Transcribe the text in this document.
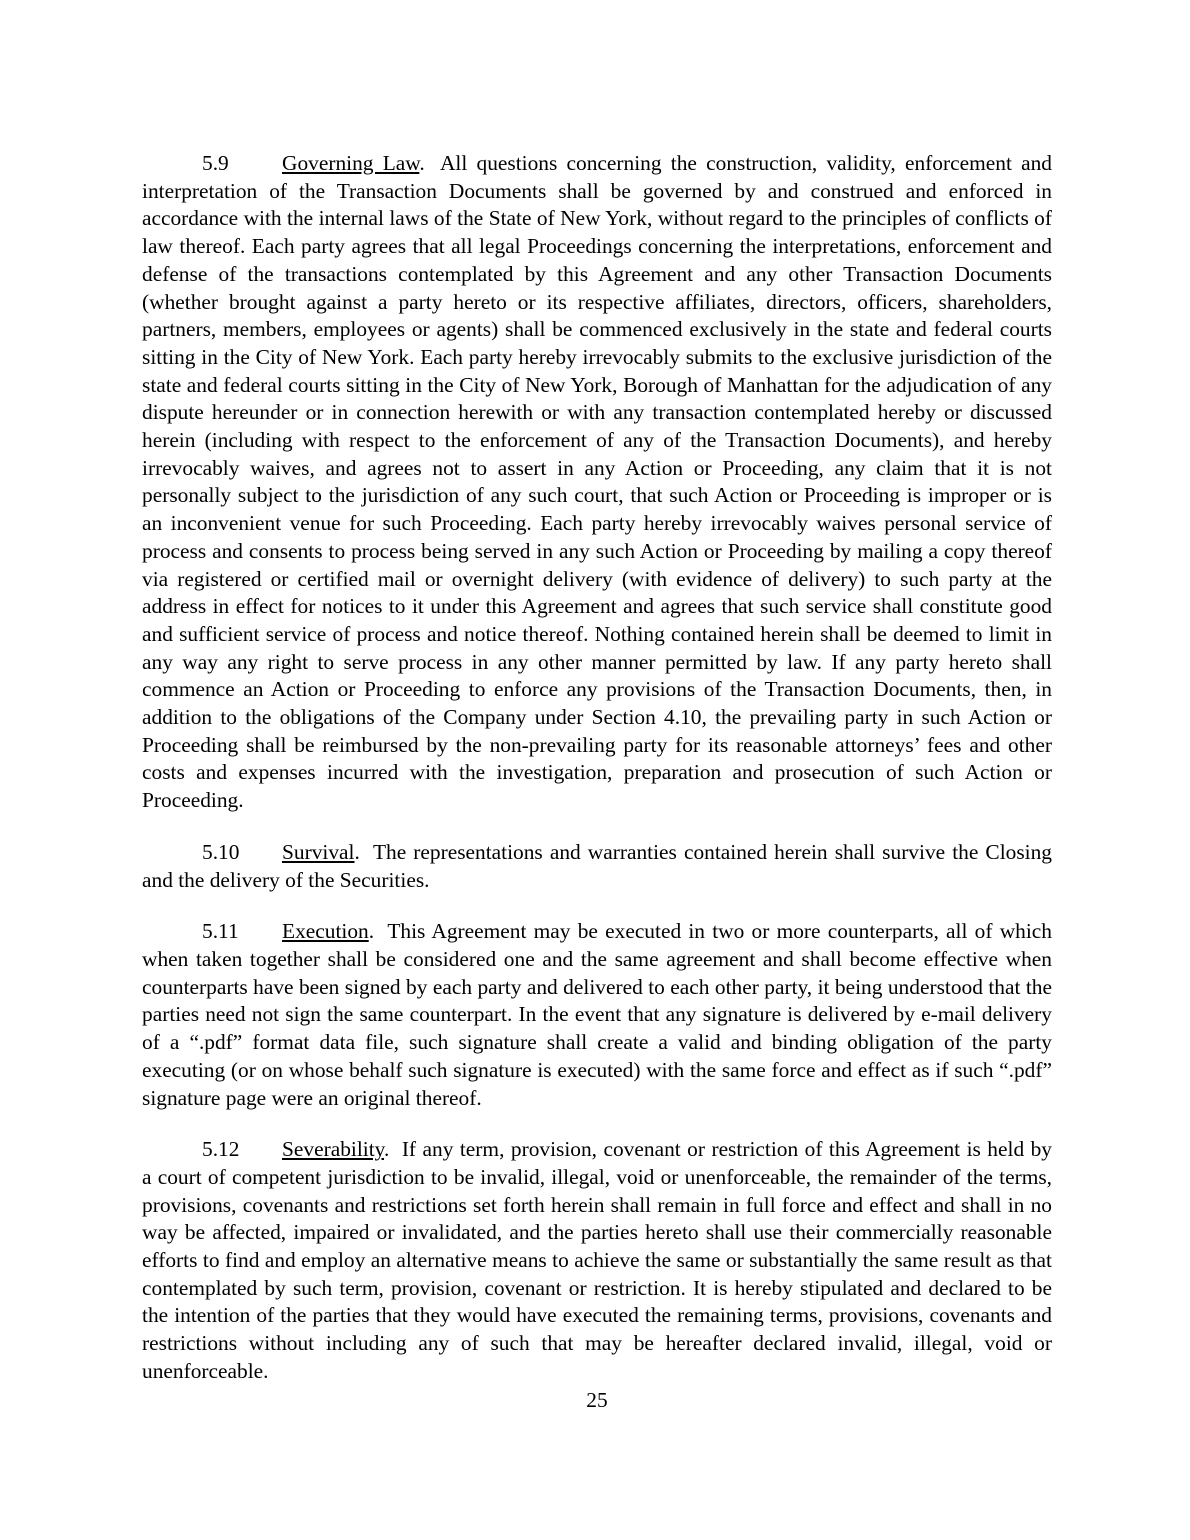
5.9 Governing Law. All questions concerning the construction, validity, enforcement and interpretation of the Transaction Documents shall be governed by and construed and enforced in accordance with the internal laws of the State of New York, without regard to the principles of conflicts of law thereof. Each party agrees that all legal Proceedings concerning the interpretations, enforcement and defense of the transactions contemplated by this Agreement and any other Transaction Documents (whether brought against a party hereto or its respective affiliates, directors, officers, shareholders, partners, members, employees or agents) shall be commenced exclusively in the state and federal courts sitting in the City of New York. Each party hereby irrevocably submits to the exclusive jurisdiction of the state and federal courts sitting in the City of New York, Borough of Manhattan for the adjudication of any dispute hereunder or in connection herewith or with any transaction contemplated hereby or discussed herein (including with respect to the enforcement of any of the Transaction Documents), and hereby irrevocably waives, and agrees not to assert in any Action or Proceeding, any claim that it is not personally subject to the jurisdiction of any such court, that such Action or Proceeding is improper or is an inconvenient venue for such Proceeding. Each party hereby irrevocably waives personal service of process and consents to process being served in any such Action or Proceeding by mailing a copy thereof via registered or certified mail or overnight delivery (with evidence of delivery) to such party at the address in effect for notices to it under this Agreement and agrees that such service shall constitute good and sufficient service of process and notice thereof. Nothing contained herein shall be deemed to limit in any way any right to serve process in any other manner permitted by law. If any party hereto shall commence an Action or Proceeding to enforce any provisions of the Transaction Documents, then, in addition to the obligations of the Company under Section 4.10, the prevailing party in such Action or Proceeding shall be reimbursed by the non-prevailing party for its reasonable attorneys’ fees and other costs and expenses incurred with the investigation, preparation and prosecution of such Action or Proceeding.

5.10 Survival. The representations and warranties contained herein shall survive the Closing and the delivery of the Securities.

5.11 Execution. This Agreement may be executed in two or more counterparts, all of which when taken together shall be considered one and the same agreement and shall become effective when counterparts have been signed by each party and delivered to each other party, it being understood that the parties need not sign the same counterpart. In the event that any signature is delivered by e-mail delivery of a “.pdf” format data file, such signature shall create a valid and binding obligation of the party executing (or on whose behalf such signature is executed) with the same force and effect as if such “.pdf” signature page were an original thereof.

5.12 Severability. If any term, provision, covenant or restriction of this Agreement is held by a court of competent jurisdiction to be invalid, illegal, void or unenforceable, the remainder of the terms, provisions, covenants and restrictions set forth herein shall remain in full force and effect and shall in no way be affected, impaired or invalidated, and the parties hereto shall use their commercially reasonable efforts to find and employ an alternative means to achieve the same or substantially the same result as that contemplated by such term, provision, covenant or restriction. It is hereby stipulated and declared to be the intention of the parties that they would have executed the remaining terms, provisions, covenants and restrictions without including any of such that may be hereafter declared invalid, illegal, void or unenforceable.

25
